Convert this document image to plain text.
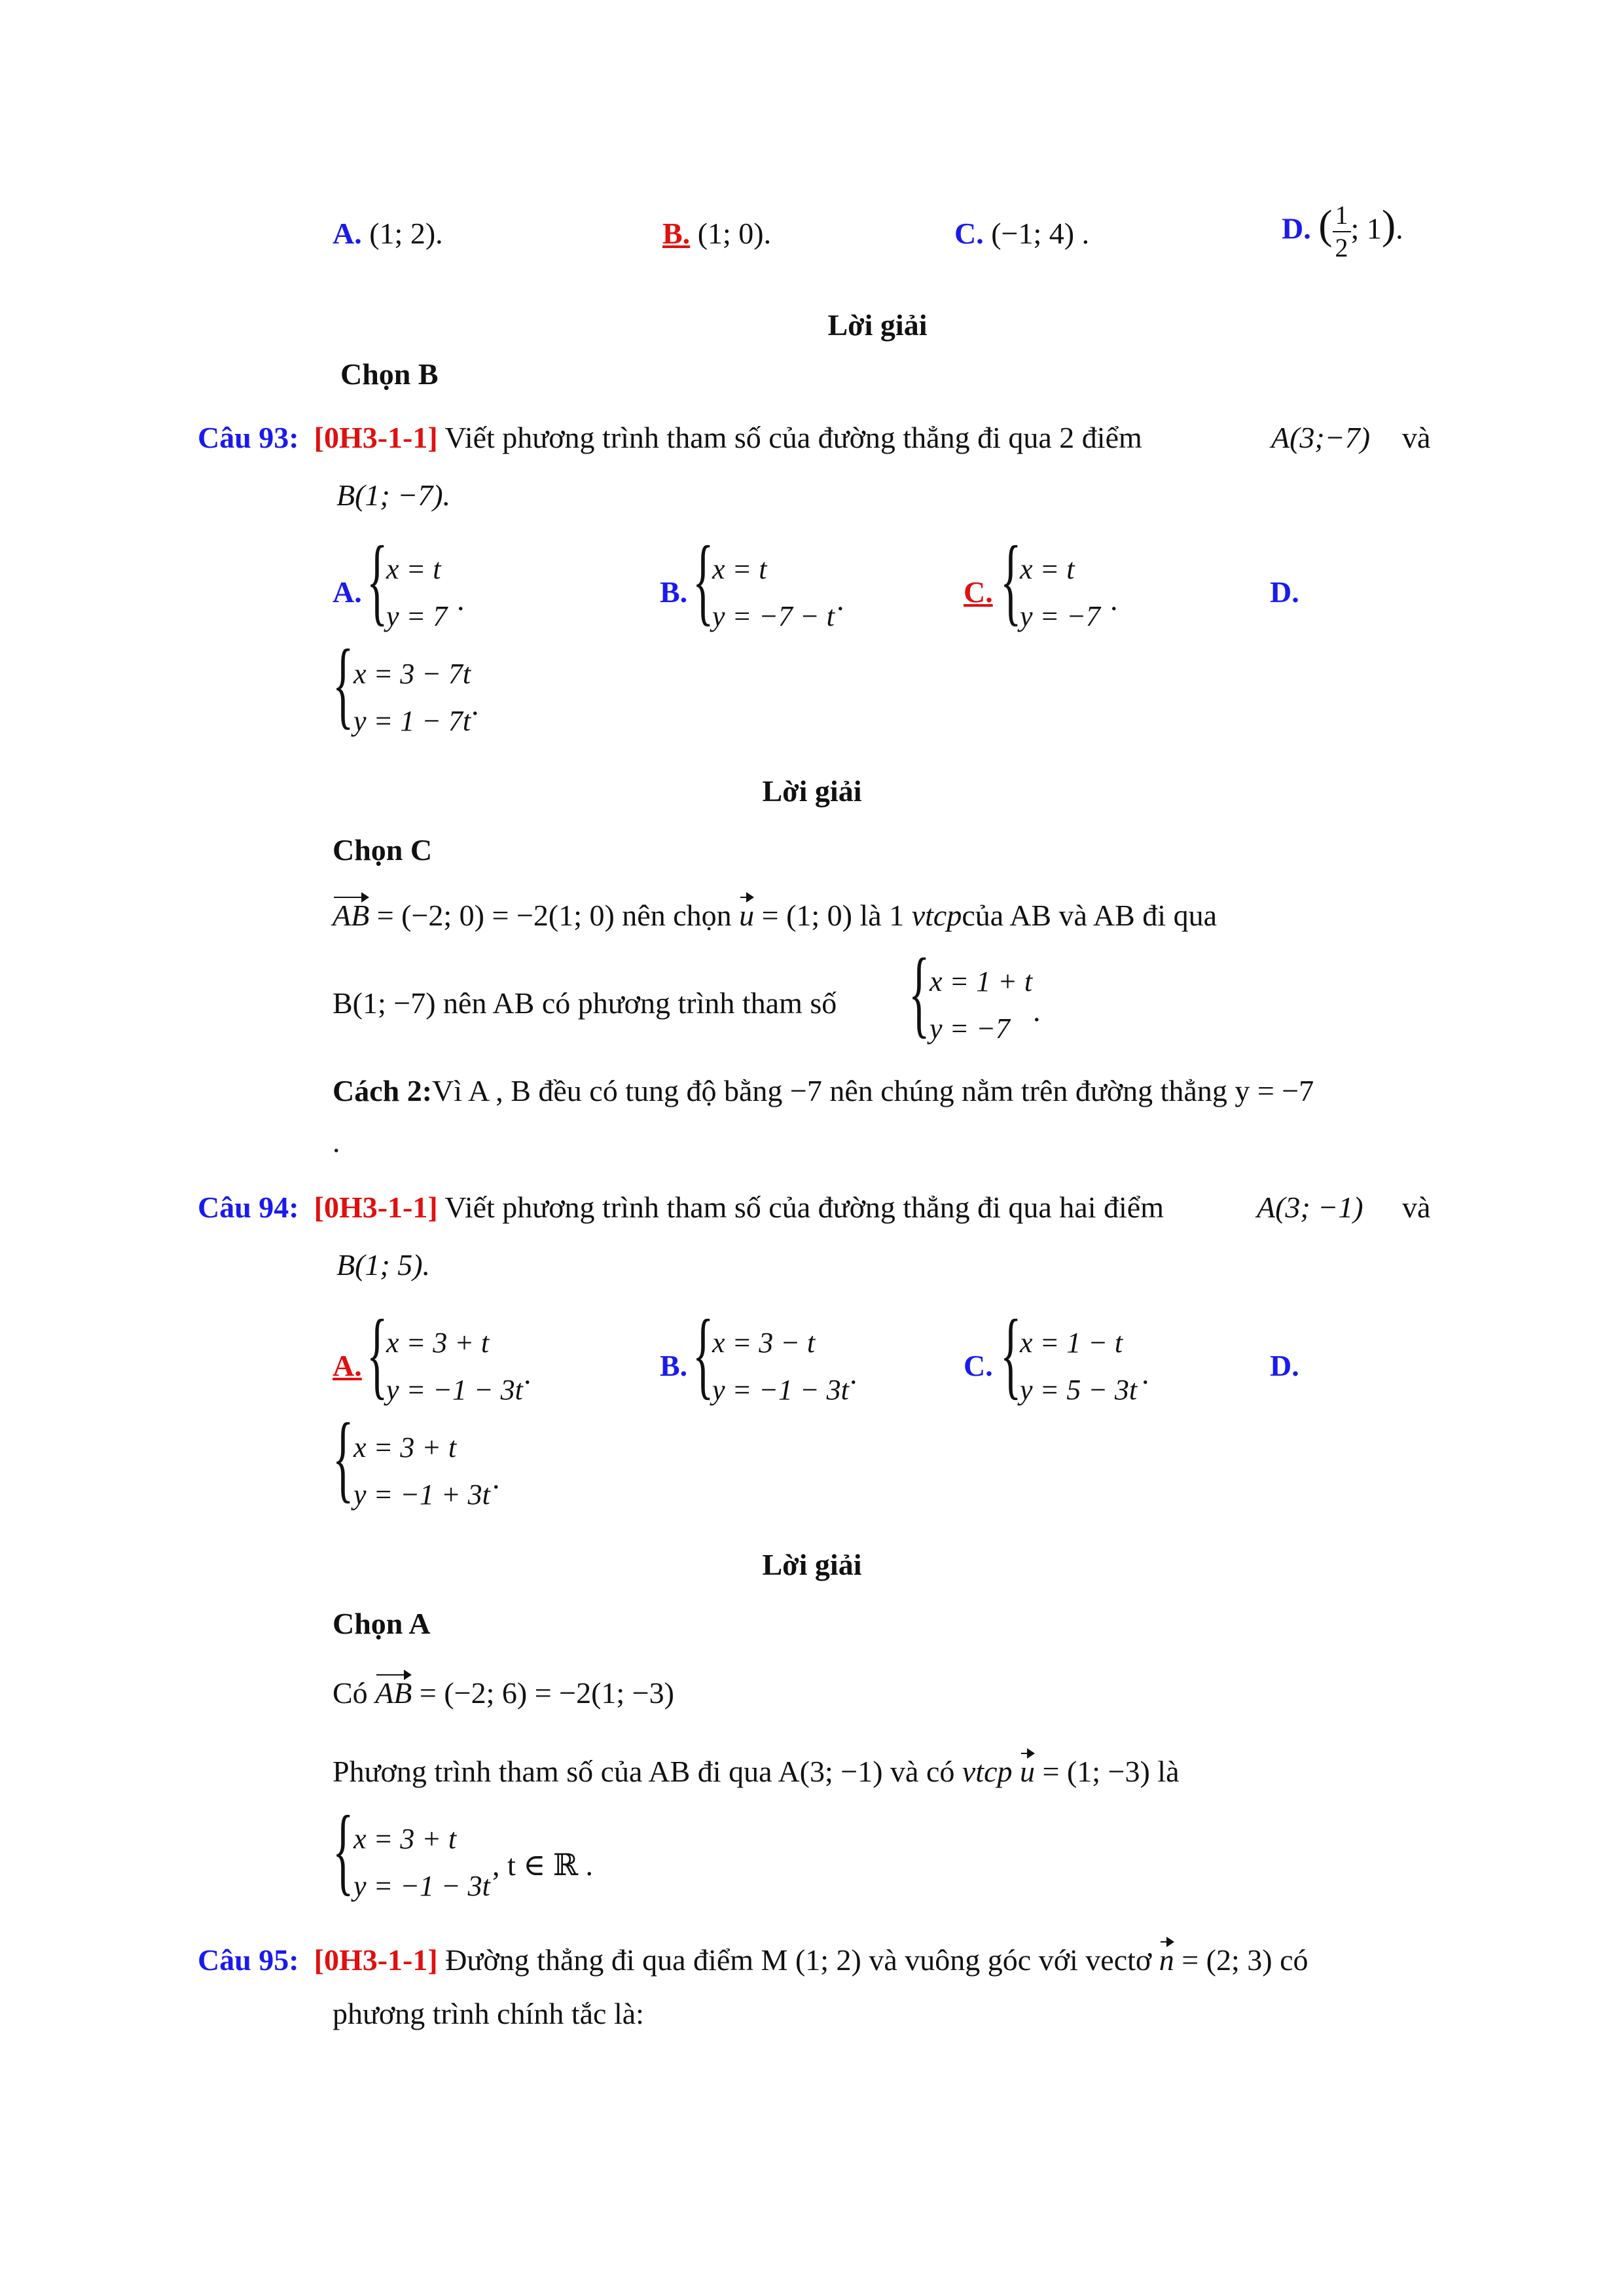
A. (1; 2).	B. (1; 0).	C. (−1; 4) .	D. ( $\frac{1}{2}$ ; 1).
Lời giải
Chọn B
Câu 93: [0H3-1-1] Viết phương trình tham số của đường thẳng đi qua 2 điểm	A(3;−7) và
B(1; −7).
A. {
x = t
y = 7 .	B. {
x = t
y = −7 − t .	C. {
x = t
y = −7 .	D.
{ x = 3 − 7t
y = 1 − 7t .
Lời giải
Chọn C
AB = (−2; 0) = −2(1; 0) nên chọn u = (1; 0) là 1 vtcpcủa AB và AB đi qua
B(1; −7) nên AB có phương trình tham số { x = 1 + t
y = −7
.
Cách 2:Vì A , B đều có tung độ bằng −7 nên chúng nằm trên đường thẳng y = −7
.
Câu 94: [0H3-1-1] Viết phương trình tham số của đường thẳng đi qua hai điểm	A(3; −1) và
B(1; 5).
A. {
x = 3 + t
y = −1 − 3t .	B. {
x = 3 − t
y = −1 − 3t .	C. {
x = 1 − t
y = 5 − 3t .	D.
{ x = 3 + t
y = −1 + 3t .
Lời giải
Chọn A
Có AB = (−2; 6) = −2(1; −3)
Phương trình tham số của AB đi qua A(3; −1) và có vtcp u = (1; −3) là
{ x = 3 + t
y = −1 − 3t
, t ∈ ℝ .
Câu 95: [0H3-1-1] Đường thẳng đi qua điểm M (1; 2) và vuông góc với vectơ n = (2; 3) có
phương trình chính tắc là:
